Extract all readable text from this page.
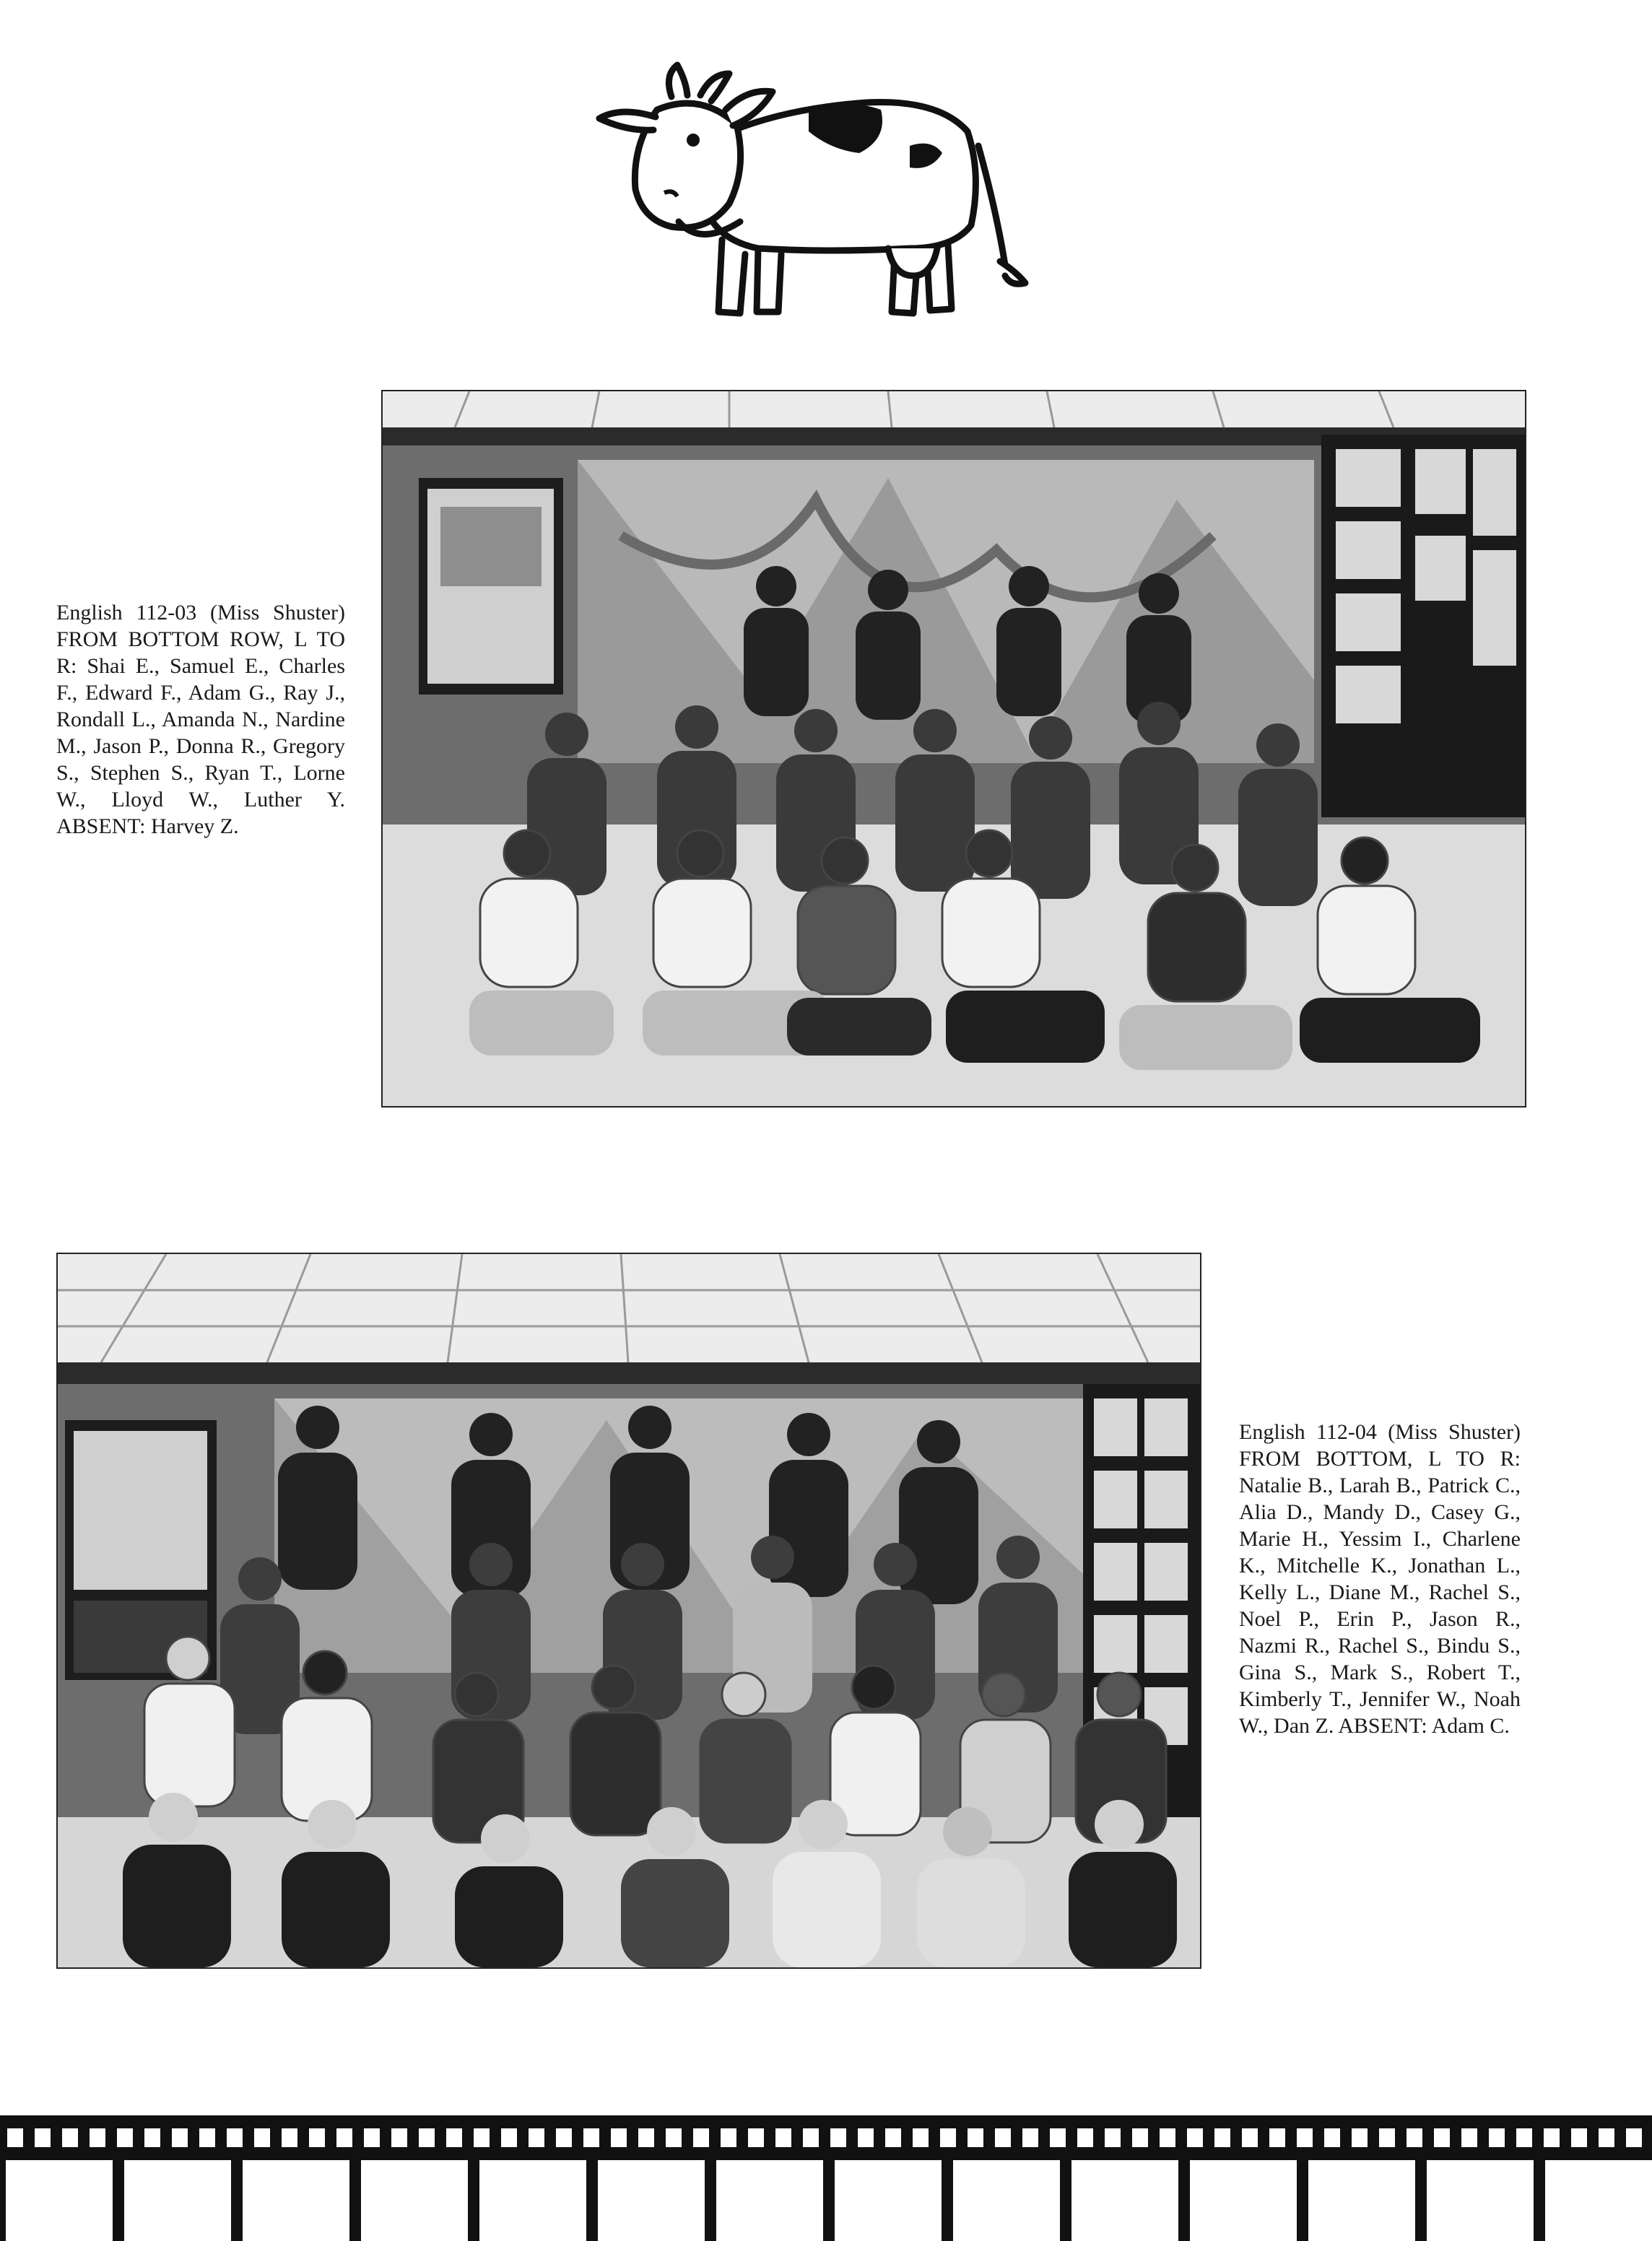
English 112-03 (Miss Shuster) FROM BOTTOM ROW, L TO R: Shai E., Samuel E., Charles F., Edward F., Adam G., Ray J., Rondall L., Amanda N., Nardine M., Jason P., Donna R., Gregory S., Stephen S., Ryan T., Lorne W., Lloyd W., Luther Y. ABSENT: Harvey Z.

English 112-04 (Miss Shuster) FROM BOTTOM, L TO R: Natalie B., Larah B., Patrick C., Alia D., Mandy D., Casey G., Marie H., Yessim I., Charlene K., Mitchelle K., Jonathan L., Kelly L., Diane M., Rachel S., Noel P., Erin P., Jason R., Nazmi R., Rachel S., Bindu S., Gina S., Mark S., Robert T., Kimberly T., Jennifer W., Noah W., Dan Z. ABSENT: Adam C.
